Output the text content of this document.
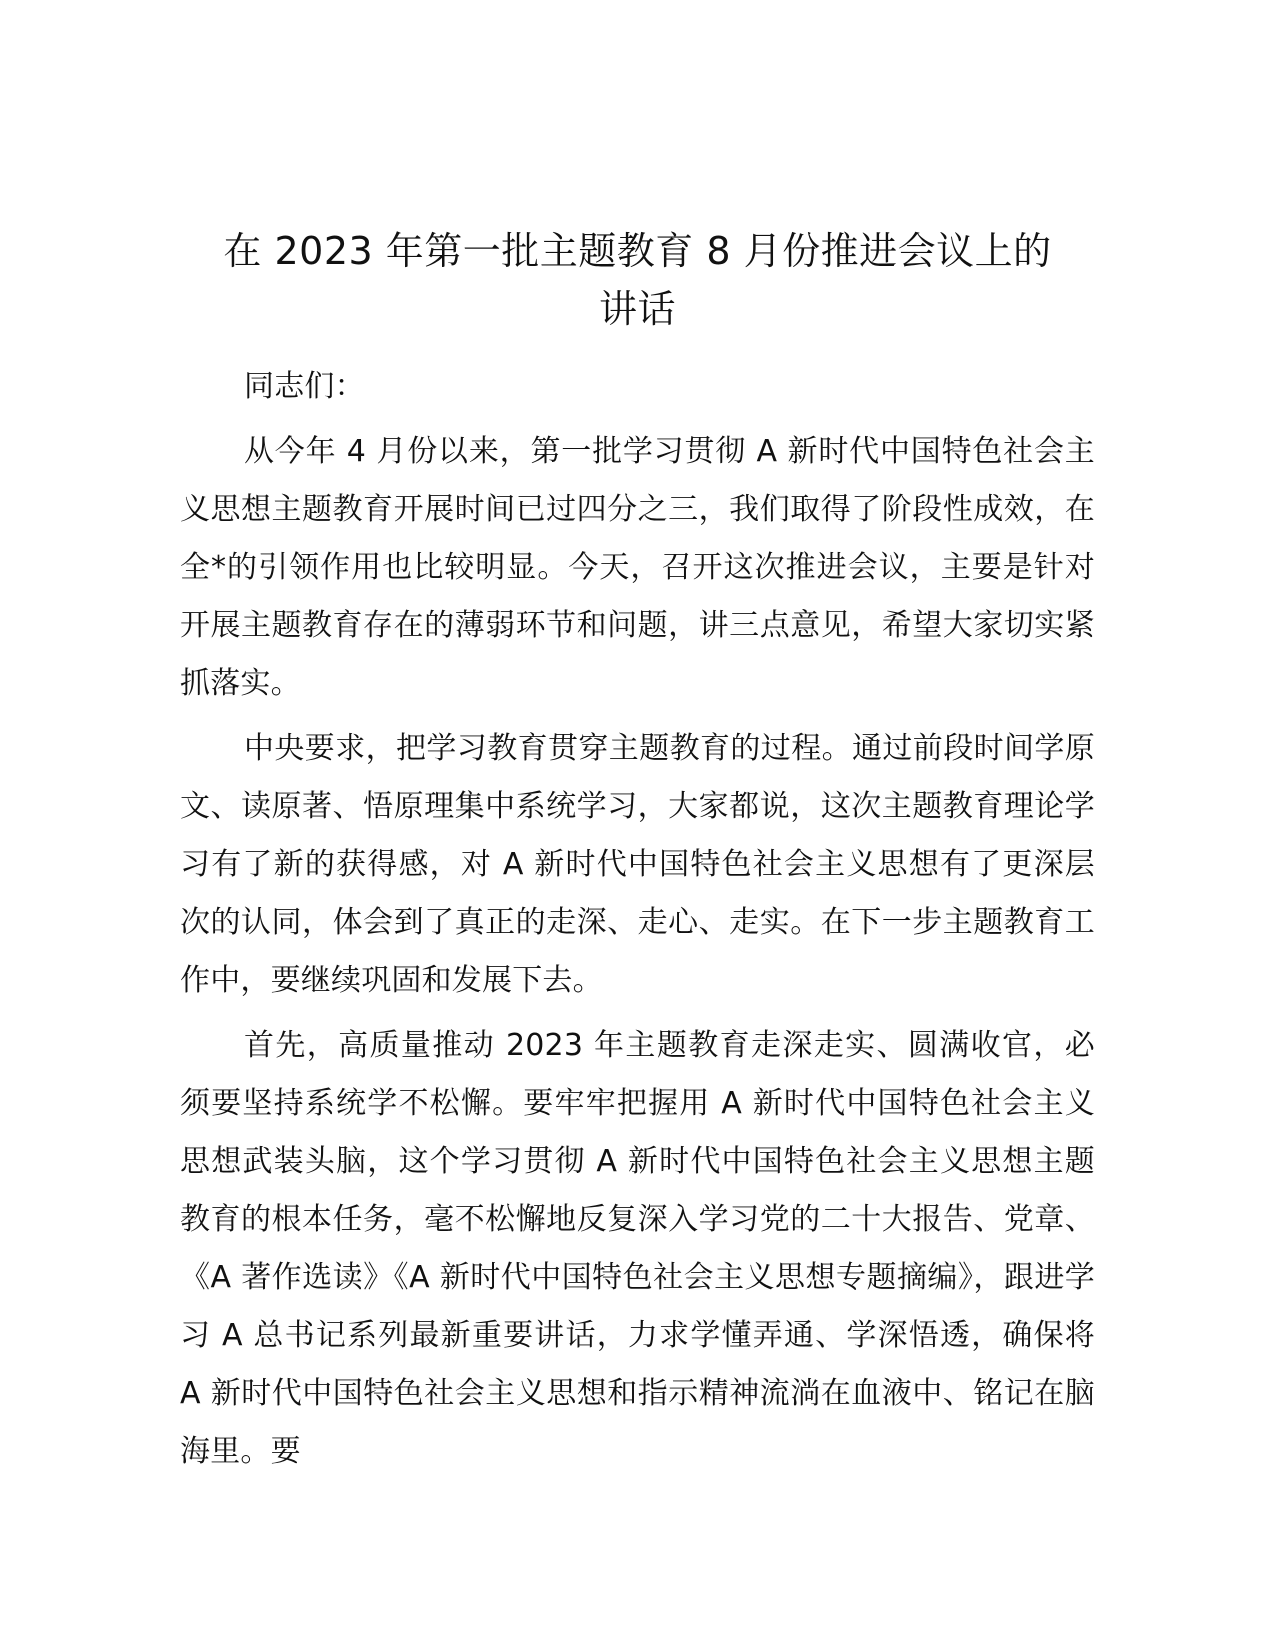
在 2023 年第一批主题教育 8 月份推进会议上的
讲话

同志们：

从今年 4 月份以来，第一批学习贯彻 A 新时代中国特色社会主义思想主题教育开展时间已过四分之三，我们取得了阶段性成效，在全*的引领作用也比较明显。今天，召开这次推进会议，主要是针对开展主题教育存在的薄弱环节和问题，讲三点意见，希望大家切实紧抓落实。

中央要求，把学习教育贯穿主题教育的过程。通过前段时间学原文、读原著、悟原理集中系统学习，大家都说，这次主题教育理论学习有了新的获得感，对 A 新时代中国特色社会主义思想有了更深层次的认同，体会到了真正的走深、走心、走实。在下一步主题教育工作中，要继续巩固和发展下去。

首先，高质量推动 2023 年主题教育走深走实、圆满收官，必须要坚持系统学不松懈。要牢牢把握用 A 新时代中国特色社会主义思想武装头脑，这个学习贯彻 A 新时代中国特色社会主义思想主题教育的根本任务，毫不松懈地反复深入学习党的二十大报告、党章、《A 著作选读》《A 新时代中国特色社会主义思想专题摘编》，跟进学习 A 总书记系列最新重要讲话，力求学懂弄通、学深悟透，确保将 A 新时代中国特色社会主义思想和指示精神流淌在血液中、铭记在脑海里。要
